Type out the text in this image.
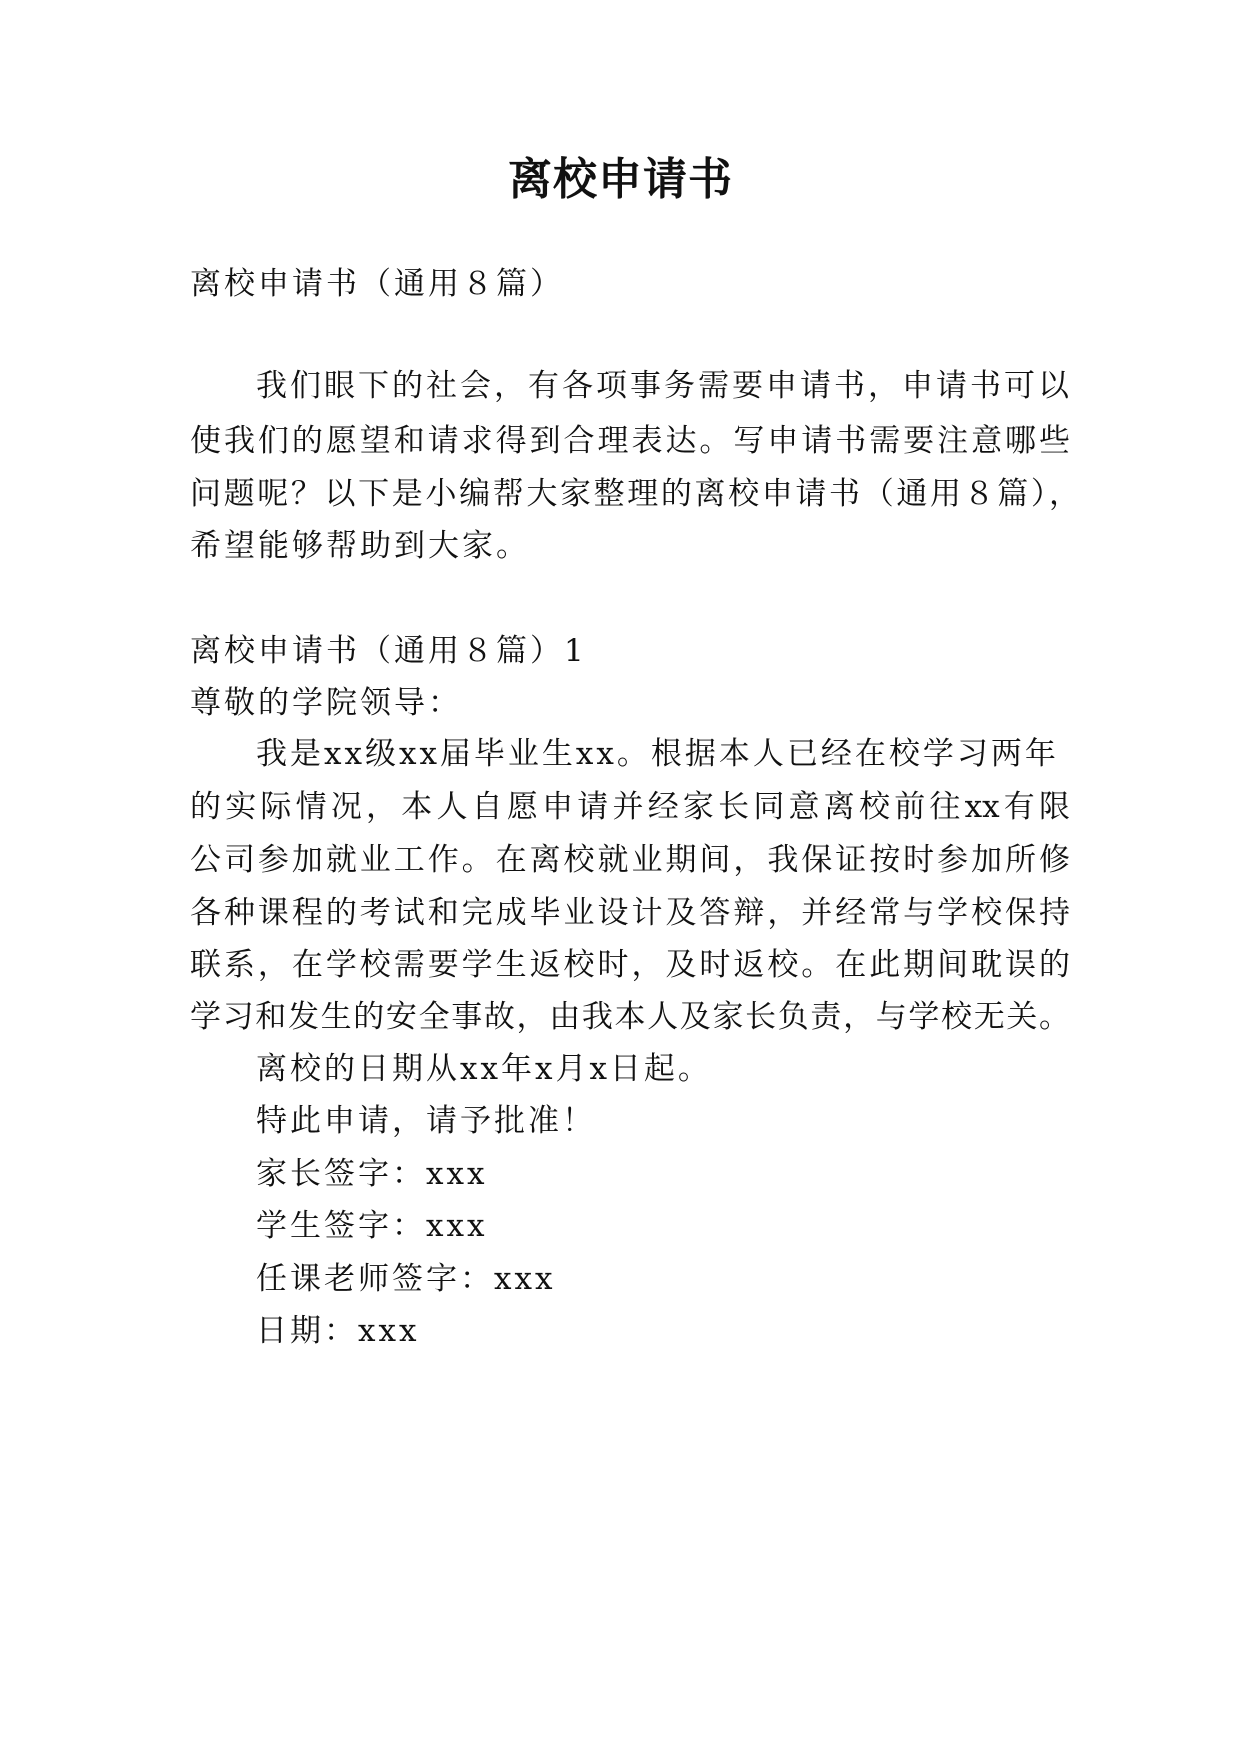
离校申请书

离校申请书（通用８篇）

我们眼下的社会，有各项事务需要申请书，申请书可以

使我们的愿望和请求得到合理表达。写申请书需要注意哪些

问题呢？以下是小编帮大家整理的离校申请书（通用８篇），

希望能够帮助到大家。

离校申请书（通用８篇）1

尊敬的学院领导：

我是xx级xx届毕业生xx。根据本人已经在校学习两年

的实际情况，本人自愿申请并经家长同意离校前往xx有限

公司参加就业工作。在离校就业期间，我保证按时参加所修

各种课程的考试和完成毕业设计及答辩，并经常与学校保持

联系，在学校需要学生返校时，及时返校。在此期间耽误的

学习和发生的安全事故，由我本人及家长负责，与学校无关。

离校的日期从xx年x月x日起。

特此申请，请予批准！

家长签字：xxx

学生签字：xxx

任课老师签字：xxx

日期：xxx
